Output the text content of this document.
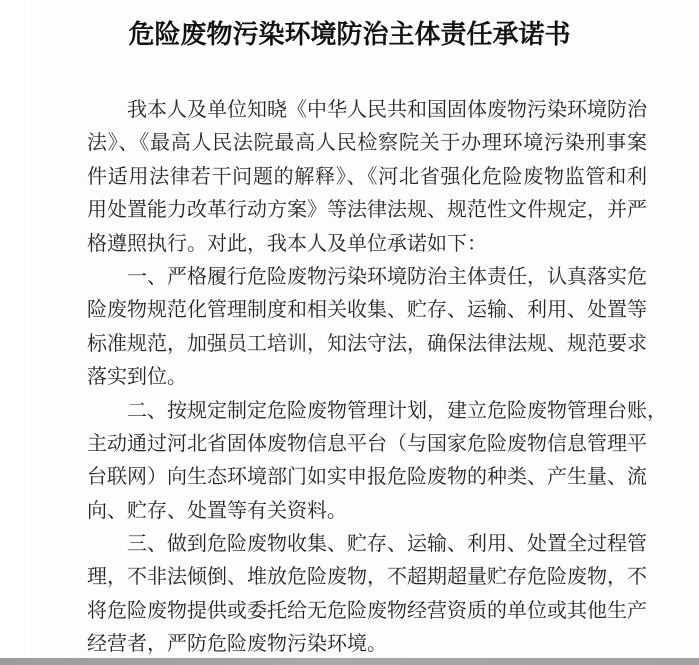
危险废物污染环境防治主体责任承诺书

我本人及单位知晓《中华人民共和国固体废物污染环境防治
法》、《最高人民法院最高人民检察院关于办理环境污染刑事案
件适用法律若干问题的解释》、《河北省强化危险废物监管和利
用处置能力改革行动方案》等法律法规、规范性文件规定，并严
格遵照执行。对此，我本人及单位承诺如下：

一、严格履行危险废物污染环境防治主体责任，认真落实危
险废物规范化管理制度和相关收集、贮存、运输、利用、处置等
标准规范，加强员工培训，知法守法，确保法律法规、规范要求
落实到位。

二、按规定制定危险废物管理计划，建立危险废物管理台账，
主动通过河北省固体废物信息平台（与国家危险废物信息管理平
台联网）向生态环境部门如实申报危险废物的种类、产生量、流
向、贮存、处置等有关资料。

三、做到危险废物收集、贮存、运输、利用、处置全过程管
理，不非法倾倒、堆放危险废物，不超期超量贮存危险废物，不
将危险废物提供或委托给无危险废物经营资质的单位或其他生产
经营者，严防危险废物污染环境。
